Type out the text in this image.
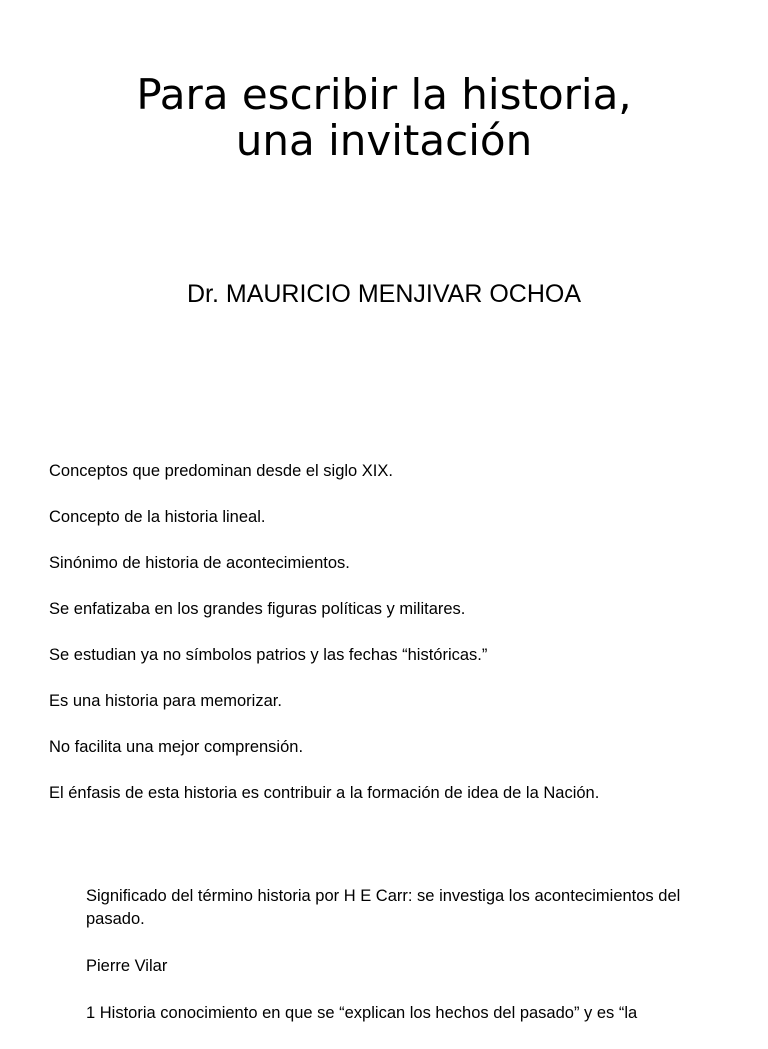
Para escribir la historia,
una invitación
Dr. MAURICIO MENJIVAR OCHOA
Conceptos que predominan desde el siglo XIX.
Concepto de la historia lineal.
Sinónimo de historia de acontecimientos.
Se enfatizaba en los grandes figuras políticas y militares.
Se estudian ya no símbolos patrios y las fechas “históricas.”
Es una historia para memorizar.
No facilita una mejor comprensión.
El énfasis de esta historia es contribuir a la formación de idea de la Nación.
Significado del término historia por H E Carr: se investiga los acontecimientos del pasado.
Pierre Vilar
1 Historia conocimiento en que se “explican los hechos del pasado” y es “la
